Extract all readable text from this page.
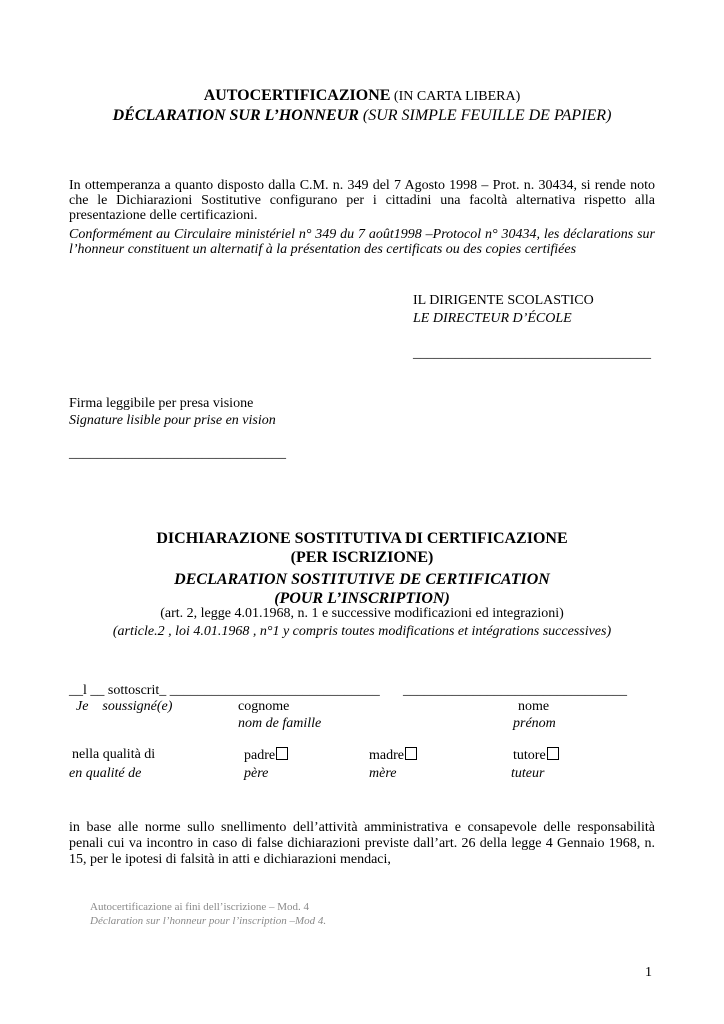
AUTOCERTIFICAZIONE (IN CARTA LIBERA)
DÉCLARATION SUR L’HONNEUR (SUR SIMPLE FEUILLE DE PAPIER)
In ottemperanza a quanto disposto dalla C.M. n. 349 del 7 Agosto 1998 – Prot. n. 30434, si rende noto che le Dichiarazioni Sostitutive configurano per i cittadini una facoltà alternativa rispetto alla presentazione delle certificazioni.
Conformément au Circulaire ministériel n° 349 du 7 août1998 –Protocol n° 30434, les déclarations sur l’honneur constituent un alternatif à la présentation des certificats ou des copies certifiées
IL DIRIGENTE SCOLASTICO
LE DIRECTEUR D’ÉCOLE
__________________________________
Firma leggibile per presa visione
Signature lisible pour prise en vision
_______________________________
DICHIARAZIONE SOSTITUTIVA DI CERTIFICAZIONE
(PER ISCRIZIONE)
DECLARATION SOSTITUTIVE DE CERTIFICATION
(POUR L’INSCRIPTION)
(art. 2, legge 4.01.1968, n. 1 e successive modificazioni ed integrazioni)
(article.2 , loi 4.01.1968 , n°1 y compris toutes modifications et intégrations successives)
__l __ sottoscrit_ ______________________________ ________________________________
Je    soussigné(e)	cognome
nom de famille
nome
prénom
nella qualità di
en qualité de
padre
père
madre
mère
tutore
tuteur
in base alle norme sullo snellimento dell’attività amministrativa e consapevole delle responsabilità penali cui va incontro in caso di false dichiarazioni previste dall’art. 26 della legge 4 Gennaio 1968, n. 15, per le ipotesi di falsità in atti e dichiarazioni mendaci,
Autocertificazione ai fini dell’iscrizione – Mod. 4
Déclaration sur l’honneur pour l’inscription –Mod 4.
1
